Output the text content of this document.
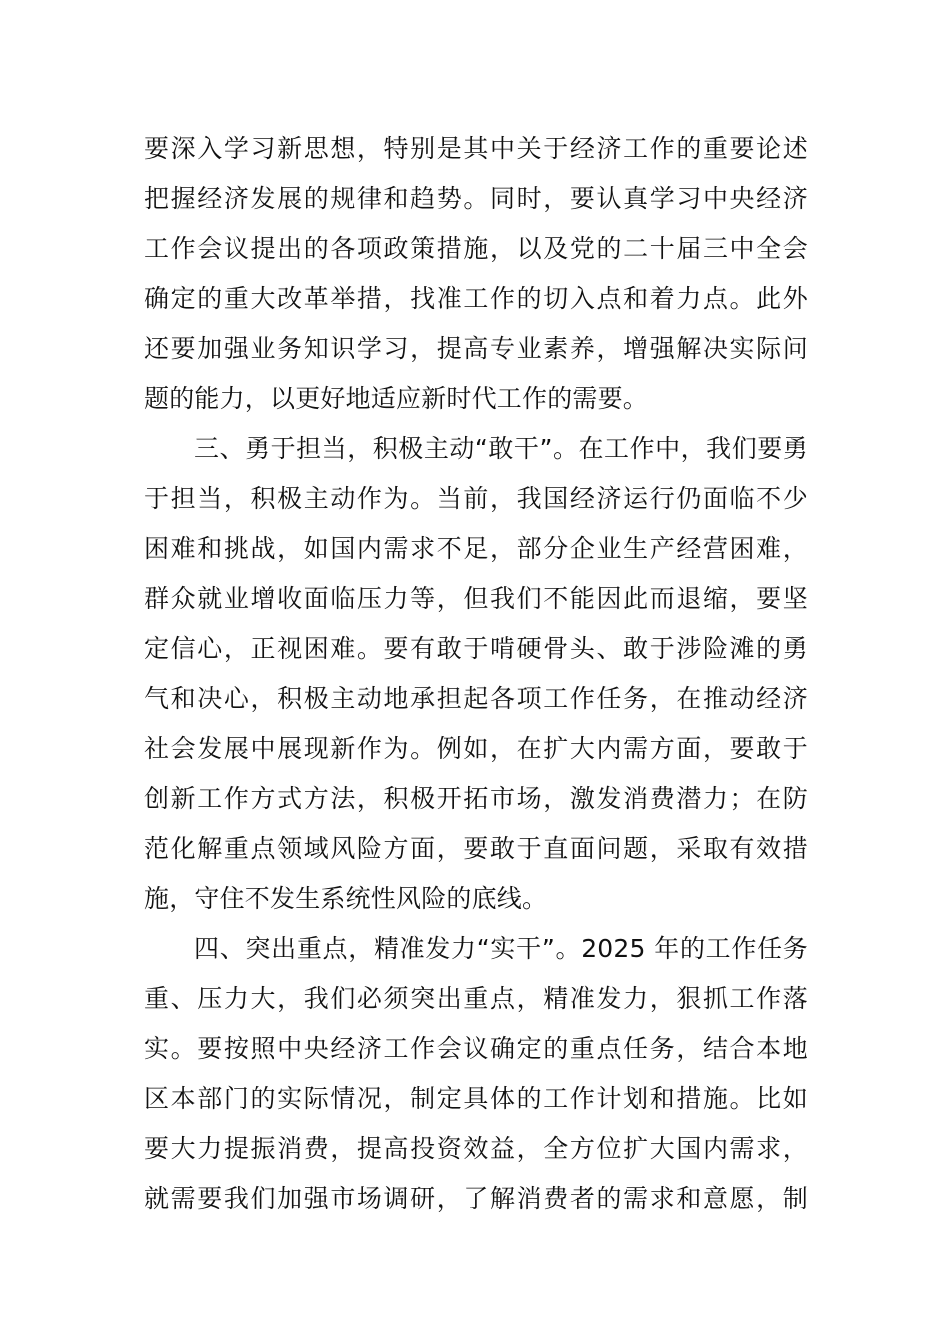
要深入学习新思想，特别是其中关于经济工作的重要论述
把握经济发展的规律和趋势。同时，要认真学习中央经济
工作会议提出的各项政策措施，以及党的二十届三中全会
确定的重大改革举措，找准工作的切入点和着力点。此外
还要加强业务知识学习，提高专业素养，增强解决实际问
题的能力，以更好地适应新时代工作的需要。
三、勇于担当，积极主动“敢干”。在工作中，我们要勇
于担当，积极主动作为。当前，我国经济运行仍面临不少
困难和挑战，如国内需求不足，部分企业生产经营困难，
群众就业增收面临压力等，但我们不能因此而退缩，要坚
定信心，正视困难。要有敢于啃硬骨头、敢于涉险滩的勇
气和决心，积极主动地承担起各项工作任务，在推动经济
社会发展中展现新作为。例如，在扩大内需方面，要敢于
创新工作方式方法，积极开拓市场，激发消费潜力；在防
范化解重点领域风险方面，要敢于直面问题，采取有效措
施，守住不发生系统性风险的底线。
四、突出重点，精准发力“实干”。2025 年的工作任务
重、压力大，我们必须突出重点，精准发力，狠抓工作落
实。要按照中央经济工作会议确定的重点任务，结合本地
区本部门的实际情况，制定具体的工作计划和措施。比如
要大力提振消费，提高投资效益，全方位扩大国内需求，
就需要我们加强市场调研，了解消费者的需求和意愿，制
